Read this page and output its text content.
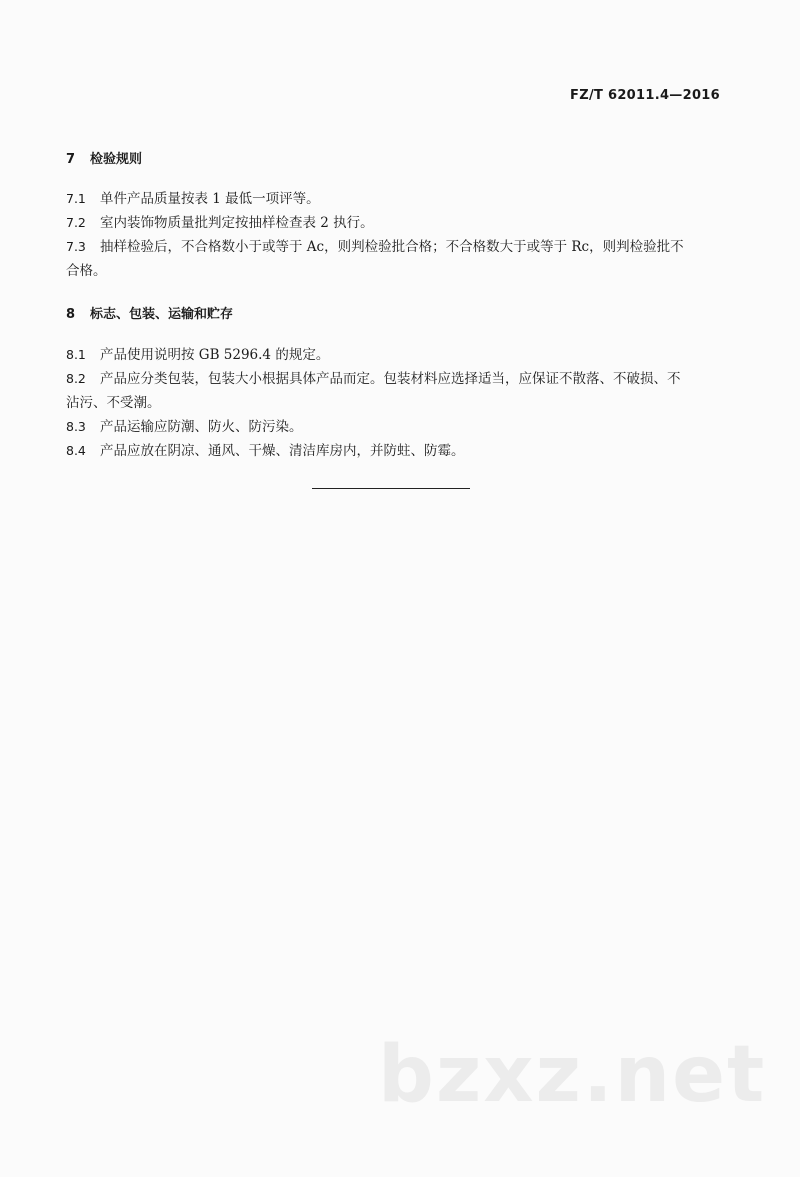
FZ/T 62011.4—2016
7 检验规则
7.1 单件产品质量按表 1 最低一项评等。
7.2 室内装饰物质量批判定按抽样检查表 2 执行。
7.3 抽样检验后，不合格数小于或等于 Ac，则判检验批合格；不合格数大于或等于 Rc，则判检验批不
合格。
8 标志、包装、运输和贮存
8.1 产品使用说明按 GB 5296.4 的规定。
8.2 产品应分类包装，包装大小根据具体产品而定。包装材料应选择适当，应保证不散落、不破损、不
沾污、不受潮。
8.3 产品运输应防潮、防火、防污染。
8.4 产品应放在阴凉、通风、干燥、清洁库房内，并防蛀、防霉。
bzxz.net
